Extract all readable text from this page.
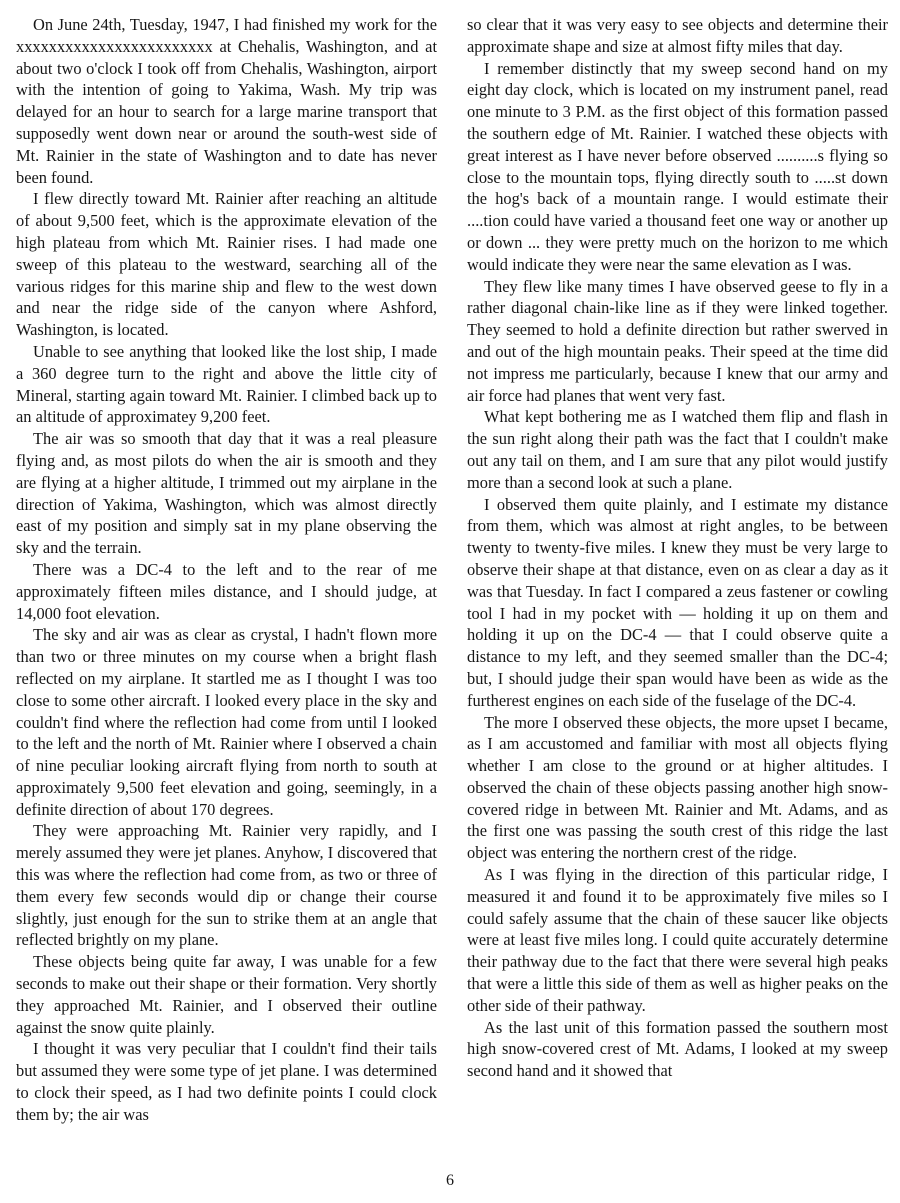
On June 24th, Tuesday, 1947, I had finished my work for the xxxxxxxxxxxxxxxxxxxxxxxx at Chehalis, Washington, and at about two o'clock I took off from Chehalis, Washington, airport with the intention of going to Yakima, Wash. My trip was delayed for an hour to search for a large marine transport that supposedly went down near or around the south-west side of Mt. Rainier in the state of Washington and to date has never been found.

I flew directly toward Mt. Rainier after reaching an altitude of about 9,500 feet, which is the approximate elevation of the high plateau from which Mt. Rainier rises. I had made one sweep of this plateau to the westward, searching all of the various ridges for this marine ship and flew to the west down and near the ridge side of the canyon where Ashford, Washington, is located.

Unable to see anything that looked like the lost ship, I made a 360 degree turn to the right and above the little city of Mineral, starting again toward Mt. Rainier. I climbed back up to an altitude of approximatey 9,200 feet.

The air was so smooth that day that it was a real pleasure flying and, as most pilots do when the air is smooth and they are flying at a higher altitude, I trimmed out my airplane in the direction of Yakima, Washington, which was almost directly east of my position and simply sat in my plane observing the sky and the terrain.

There was a DC-4 to the left and to the rear of me approximately fifteen miles distance, and I should judge, at 14,000 foot elevation.

The sky and air was as clear as crystal, I hadn't flown more than two or three minutes on my course when a bright flash reflected on my airplane. It startled me as I thought I was too close to some other aircraft. I looked every place in the sky and couldn't find where the reflection had come from until I looked to the left and the north of Mt. Rainier where I observed a chain of nine peculiar looking aircraft flying from north to south at approximately 9,500 feet elevation and going, seemingly, in a definite direction of about 170 degrees.

They were approaching Mt. Rainier very rapidly, and I merely assumed they were jet planes. Anyhow, I discovered that this was where the reflection had come from, as two or three of them every few seconds would dip or change their course slightly, just enough for the sun to strike them at an angle that reflected brightly on my plane.

These objects being quite far away, I was unable for a few seconds to make out their shape or their formation. Very shortly they approached Mt. Rainier, and I observed their outline against the snow quite plainly.

I thought it was very peculiar that I couldn't find their tails but assumed they were some type of jet plane. I was determined to clock their speed, as I had two definite points I could clock them by; the air was

so clear that it was very easy to see objects and determine their approximate shape and size at almost fifty miles that day.

I remember distinctly that my sweep second hand on my eight day clock, which is located on my instrument panel, read one minute to 3 P.M. as the first object of this formation passed the southern edge of Mt. Rainier. I watched these objects with great interest as I have never before observed ..........s flying so close to the mountain tops, flying directly south to .....st down the hog's back of a mountain range. I would estimate their ....tion could have varied a thousand feet one way or another up or down ... they were pretty much on the horizon to me which would indicate they were near the same elevation as I was.

They flew like many times I have observed geese to fly in a rather diagonal chain-like line as if they were linked together. They seemed to hold a definite direction but rather swerved in and out of the high mountain peaks. Their speed at the time did not impress me particularly, because I knew that our army and air force had planes that went very fast.

What kept bothering me as I watched them flip and flash in the sun right along their path was the fact that I couldn't make out any tail on them, and I am sure that any pilot would justify more than a second look at such a plane.

I observed them quite plainly, and I estimate my distance from them, which was almost at right angles, to be between twenty to twenty-five miles. I knew they must be very large to observe their shape at that distance, even on as clear a day as it was that Tuesday. In fact I compared a zeus fastener or cowling tool I had in my pocket with — holding it up on them and holding it up on the DC-4 — that I could observe quite a distance to my left, and they seemed smaller than the DC-4; but, I should judge their span would have been as wide as the furtherest engines on each side of the fuselage of the DC-4.

The more I observed these objects, the more upset I became, as I am accustomed and familiar with most all objects flying whether I am close to the ground or at higher altitudes. I observed the chain of these objects passing another high snow-covered ridge in between Mt. Rainier and Mt. Adams, and as the first one was passing the south crest of this ridge the last object was entering the northern crest of the ridge.

As I was flying in the direction of this particular ridge, I measured it and found it to be approximately five miles so I could safely assume that the chain of these saucer like objects were at least five miles long. I could quite accurately determine their pathway due to the fact that there were several high peaks that were a little this side of them as well as higher peaks on the other side of their pathway.

As the last unit of this formation passed the southern most high snow-covered crest of Mt. Adams, I looked at my sweep second hand and it showed that

6
